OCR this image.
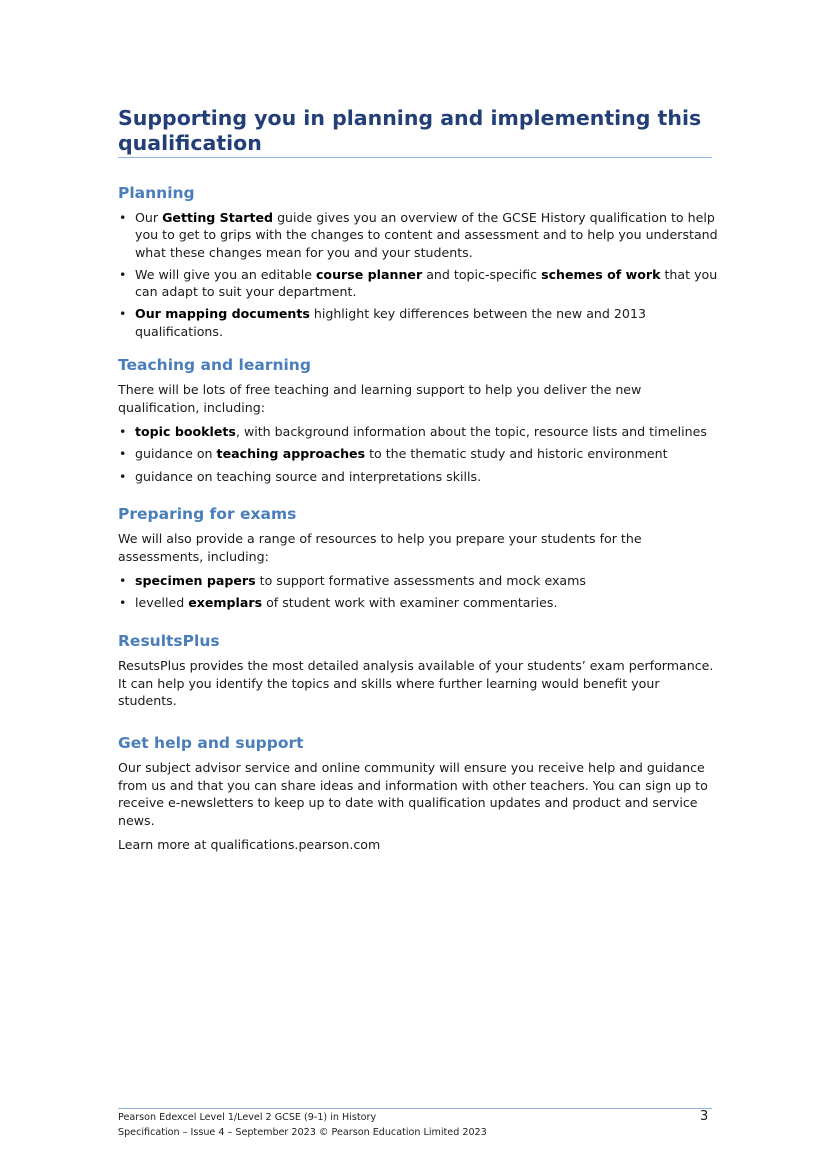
Supporting you in planning and implementing this qualification
Planning
• Our Getting Started guide gives you an overview of the GCSE History qualification to help you to get to grips with the changes to content and assessment and to help you understand what these changes mean for you and your students.
• We will give you an editable course planner and topic-specific schemes of work that you can adapt to suit your department.
• Our mapping documents highlight key differences between the new and 2013 qualifications.
Teaching and learning

There will be lots of free teaching and learning support to help you deliver the new qualification, including:

• topic booklets, with background information about the topic, resource lists and timelines
• guidance on teaching approaches to the thematic study and historic environment
• guidance on teaching source and interpretations skills.
Preparing for exams

We will also provide a range of resources to help you prepare your students for the assessments, including:

• specimen papers to support formative assessments and mock exams
• levelled exemplars of student work with examiner commentaries.
ResultsPlus

ResutsPlus provides the most detailed analysis available of your students’ exam performance. It can help you identify the topics and skills where further learning would benefit your students.

Get help and support

Our subject advisor service and online community will ensure you receive help and guidance from us and that you can share ideas and information with other teachers. You can sign up to receive e-newsletters to keep up to date with qualification updates and product and service news.

Learn more at qualifications.pearson.com

Pearson Edexcel Level 1/Level 2 GCSE (9-1) in History
Specification – Issue 4 – September 2023 © Pearson Education Limited 2023
3
